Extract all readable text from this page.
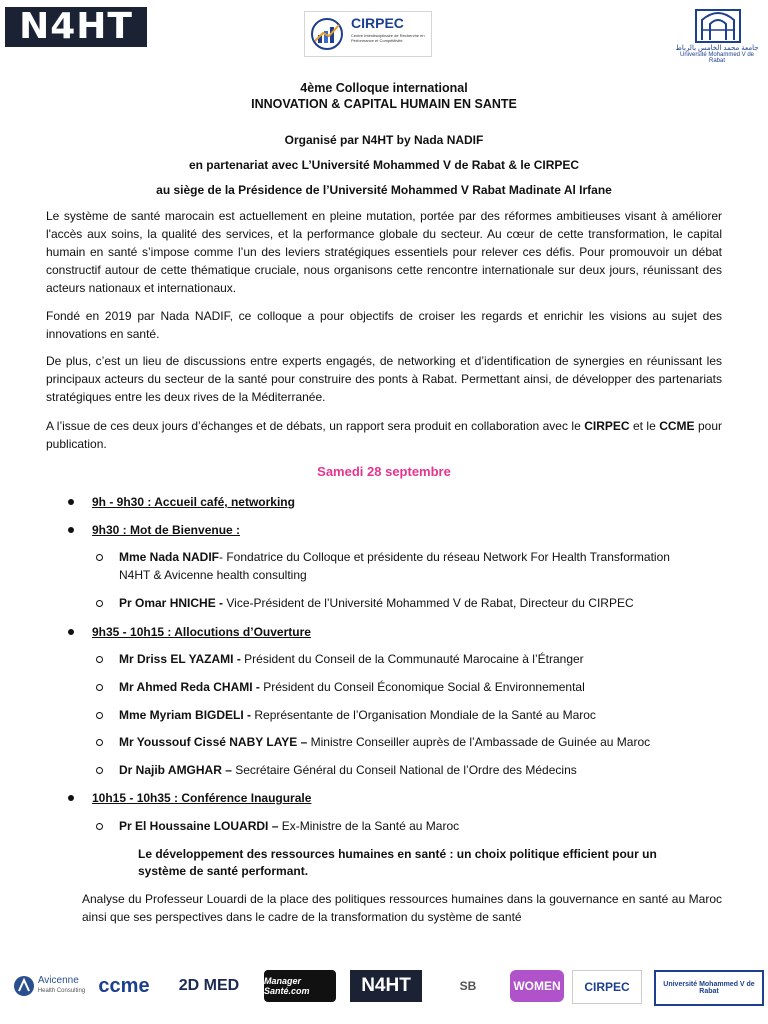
N4HT	CIRPEC
Centre Interdisciplinaire de Recherche en Performance et Compétitivité
جامعة محمد الخامس بالرباط
Université Mohammed V de Rabat
4ème Colloque international
INNOVATION & CAPITAL HUMAIN EN SANTE
Organisé par N4HT by Nada NADIF
en partenariat avec L’Université Mohammed V de Rabat & le CIRPEC
au siège de la Présidence de l’Université Mohammed V Rabat Madinate Al Irfane
Le système de santé marocain est actuellement en pleine mutation, portée par des réformes ambitieuses visant à améliorer l'accès aux soins, la qualité des services, et la performance globale du secteur. Au cœur de cette transformation, le capital humain en santé s’impose comme l’un des leviers stratégiques essentiels pour relever ces défis. Pour promouvoir un débat constructif autour de cette thématique cruciale, nous organisons cette rencontre internationale sur deux jours, réunissant des acteurs nationaux et internationaux.
Fondé en 2019 par Nada NADIF, ce colloque a pour objectifs de croiser les regards et enrichir les visions au sujet des innovations en santé.
De plus, c’est un lieu de discussions entre experts engagés, de networking et d’identification de synergies en réunissant les principaux acteurs du secteur de la santé pour construire des ponts à Rabat. Permettant ainsi, de développer des partenariats stratégiques entre les deux rives de la Méditerranée.
A l’issue de ces deux jours d’échanges et de débats, un rapport sera produit en collaboration avec le CIRPEC et le CCME pour publication.
Samedi 28 septembre
9h - 9h30 : Accueil café, networking
9h30 : Mot de Bienvenue :
Mme Nada NADIF- Fondatrice du Colloque et présidente du réseau Network For Health Transformation
N4HT & Avicenne health consulting
Pr Omar HNICHE - Vice-Président de l’Université Mohammed V de Rabat, Directeur du CIRPEC
9h35 - 10h15 : Allocutions d’Ouverture
Mr Driss EL YAZAMI - Président du Conseil de la Communauté Marocaine à l’Étranger
Mr Ahmed Reda CHAMI - Président du Conseil Économique Social & Environnemental
Mme Myriam BIGDELI - Représentante de l’Organisation Mondiale de la Santé au Maroc
Mr Youssouf Cissé NABY LAYE – Ministre Conseiller auprès de l’Ambassade de Guinée au Maroc
Dr Najib AMGHAR – Secrétaire Général du Conseil National de l’Ordre des Médecins
10h15 - 10h35 : Conférence Inaugurale
Pr El Houssaine LOUARDI – Ex-Ministre de la Santé au Maroc
Le développement des ressources humaines en santé : un choix politique efficient pour un
système de santé performant.
Analyse du Professeur Louardi de la place des politiques ressources humaines dans la gouvernance en santé au Maroc ainsi que ses perspectives dans le cadre de la transformation du système de santé
Avicenne
Health Consulting ccme	2D MED	Manager Santé.com	N4HT	SB	WOMEN	CIRPEC	Université Mohammed V de Rabat
